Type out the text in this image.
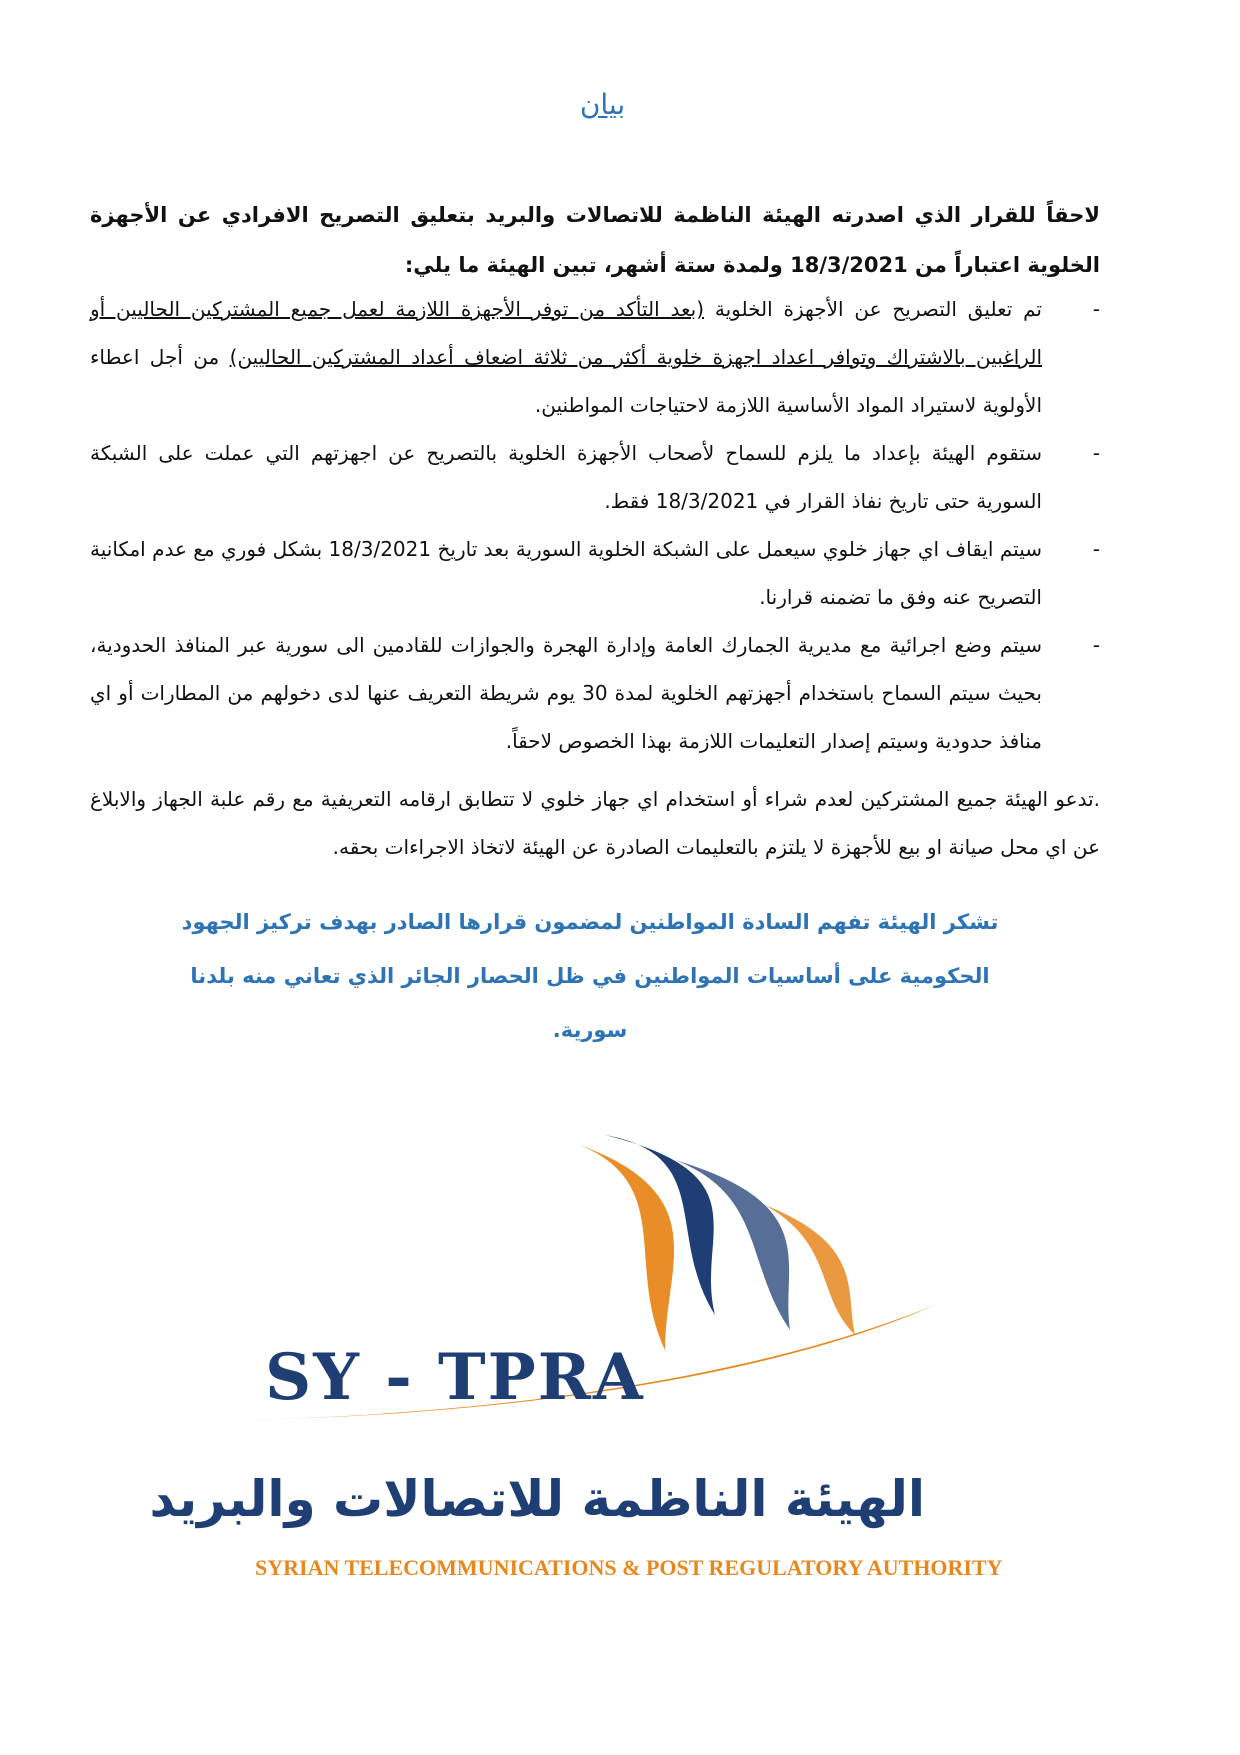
بيان
لاحقاً للقرار الذي اصدرته الهيئة الناظمة للاتصالات والبريد بتعليق التصريح الافرادي عن الأجهزة الخلوية اعتباراً من 18/3/2021 ولمدة ستة أشهر، تبين الهيئة ما يلي:
-
تم تعليق التصريح عن الأجهزة الخلوية (بعد التأكد من توفر الأجهزة اللازمة لعمل جميع المشتركين الحاليين أو الراغبين بالاشتراك وتوافر اعداد اجهزة خلوية أكثر من ثلاثة اضعاف أعداد المشتركين الحاليين) من أجل اعطاء الأولوية لاستيراد المواد الأساسية اللازمة لاحتياجات المواطنين.
-
ستقوم الهيئة بإعداد ما يلزم للسماح لأصحاب الأجهزة الخلوية بالتصريح عن اجهزتهم التي عملت على الشبكة السورية حتى تاريخ نفاذ القرار في 18/3/2021 فقط.
-
سيتم ايقاف اي جهاز خلوي سيعمل على الشبكة الخلوية السورية بعد تاريخ 18/3/2021 بشكل فوري مع عدم امكانية التصريح عنه وفق ما تضمنه قرارنا.
-
سيتم وضع اجرائية مع مديرية الجمارك العامة وإدارة الهجرة والجوازات للقادمين الى سورية عبر المنافذ الحدودية، بحيث سيتم السماح باستخدام أجهزتهم الخلوية لمدة 30 يوم شريطة التعريف عنها لدى دخولهم من المطارات أو اي منافذ حدودية وسيتم إصدار التعليمات اللازمة بهذا الخصوص لاحقاً.
.تدعو الهيئة جميع المشتركين لعدم شراء أو استخدام اي جهاز خلوي لا تتطابق ارقامه التعريفية مع رقم علبة الجهاز والابلاغ عن اي محل صيانة او بيع للأجهزة لا يلتزم بالتعليمات الصادرة عن الهيئة لاتخاذ الاجراءات بحقه.
تشكر الهيئة تفهم السادة المواطنين لمضمون قرارها الصادر بهدف تركيز الجهود الحكومية على أساسيات المواطنين في ظل الحصار الجائر الذي تعاني منه بلدنا سورية.
SY - TPRA
الهيئة الناظمة للاتصالات والبريد
SYRIAN TELECOMMUNICATIONS & POST REGULATORY AUTHORITY
